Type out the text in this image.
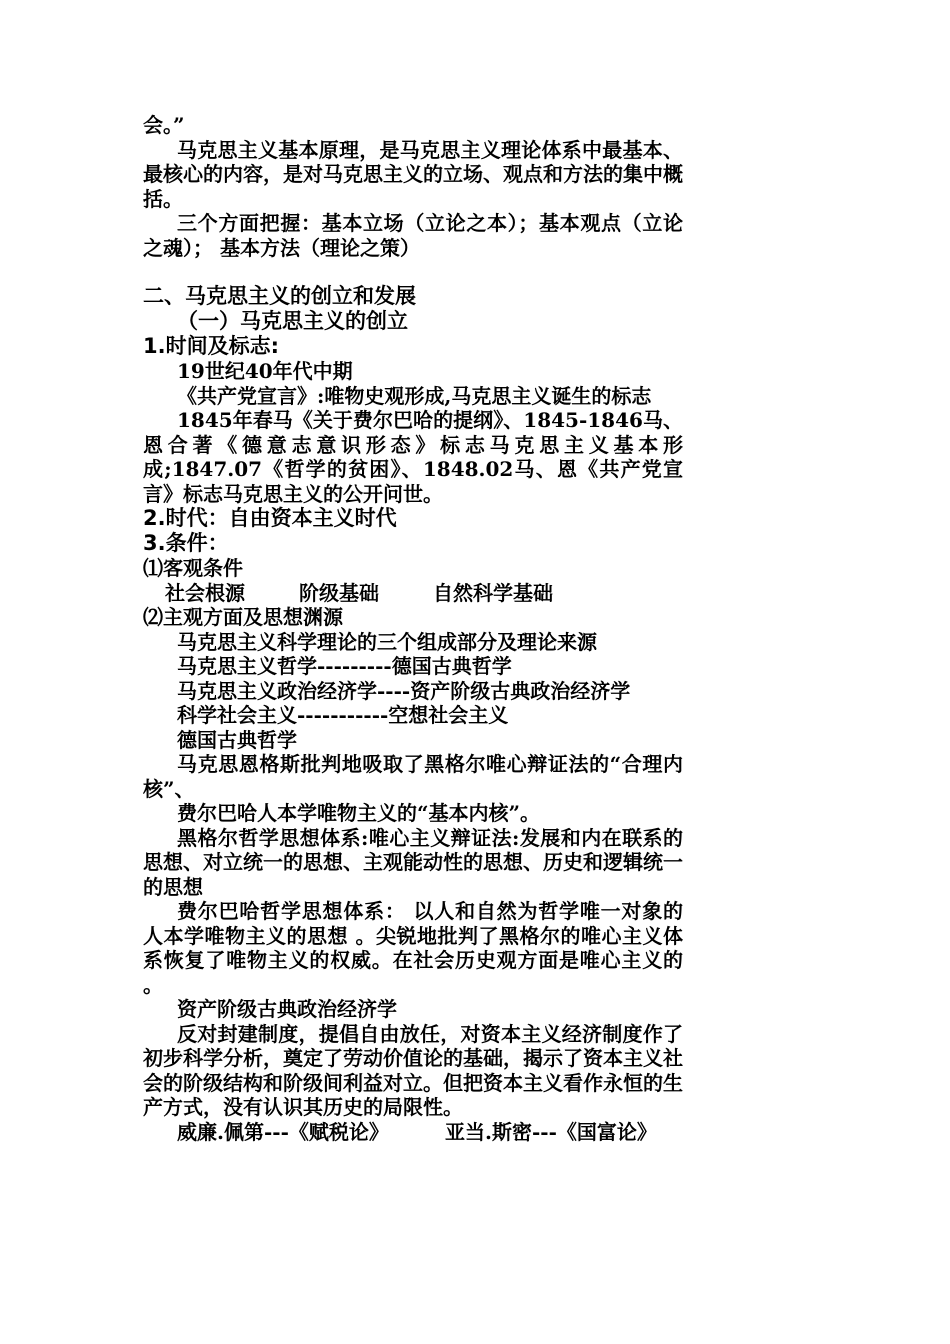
会。”

马克思主义基本原理，是马克思主义理论体系中最基本、最核心的内容，是对马克思主义的立场、观点和方法的集中概括。

三个方面把握：基本立场（立论之本）；基本观点（立论之魂）； 基本方法（理论之策）

二、马克思主义的创立和发展

（一）马克思主义的创立

1.时间及标志:

19世纪40年代中期

《共产党宣言》:唯物史观形成,马克思主义诞生的标志

1845年春马《关于费尔巴哈的提纲》、1845-1846马、恩合著《德意志意识形态》标志马克思主义基本形成;1847.07《哲学的贫困》、1848.02马、恩《共产党宣言》标志马克思主义的公开问世。

2.时代：自由资本主义时代

3.条件：

⑴客观条件

社会根源	阶级基础	自然科学基础

⑵主观方面及思想渊源

马克思主义科学理论的三个组成部分及理论来源

马克思主义哲学---------德国古典哲学

马克思主义政治经济学----资产阶级古典政治经济学

科学社会主义-----------空想社会主义

德国古典哲学

马克思恩格斯批判地吸取了黑格尔唯心辩证法的“合理内核”、

费尔巴哈人本学唯物主义的“基本内核”。

黑格尔哲学思想体系:唯心主义辩证法:发展和内在联系的思想、对立统一的思想、主观能动性的思想、历史和逻辑统一的思想

费尔巴哈哲学思想体系： 以人和自然为哲学唯一对象的人本学唯物主义的思想 。尖锐地批判了黑格尔的唯心主义体系恢复了唯物主义的权威。在社会历史观方面是唯心主义的 。

资产阶级古典政治经济学

反对封建制度，提倡自由放任，对资本主义经济制度作了初步科学分析，奠定了劳动价值论的基础，揭示了资本主义社会的阶级结构和阶级间利益对立。但把资本主义看作永恒的生产方式，没有认识其历史的局限性。

威廉.佩第---《赋税论》	亚当.斯密---《国富论》
